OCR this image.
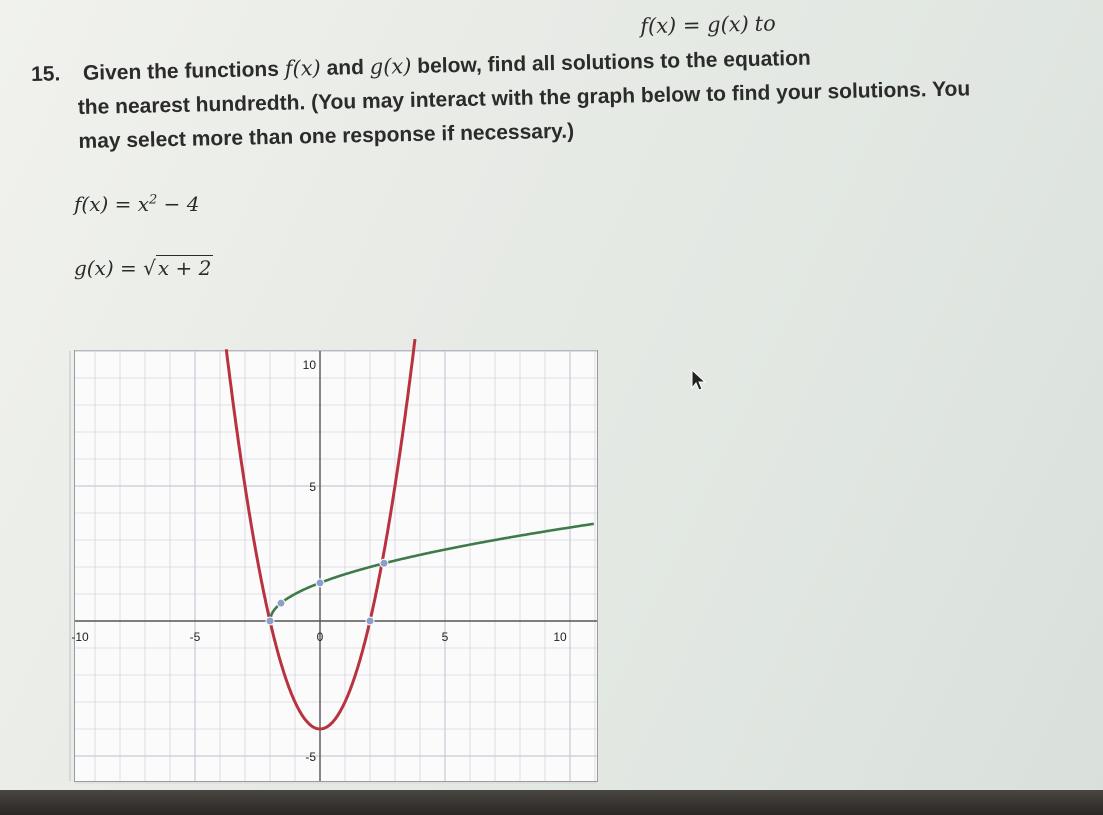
f(x) = g(x) to
15. Given the functions f(x) and g(x) below, find all solutions to the equation
the nearest hundredth. (You may interact with the graph below to find your solutions. You
may select more than one response if necessary.)
$f(x) = x^2 - 4$
g(x) = √ x + 2
-10	-5	0	5	10
10
5
-5
